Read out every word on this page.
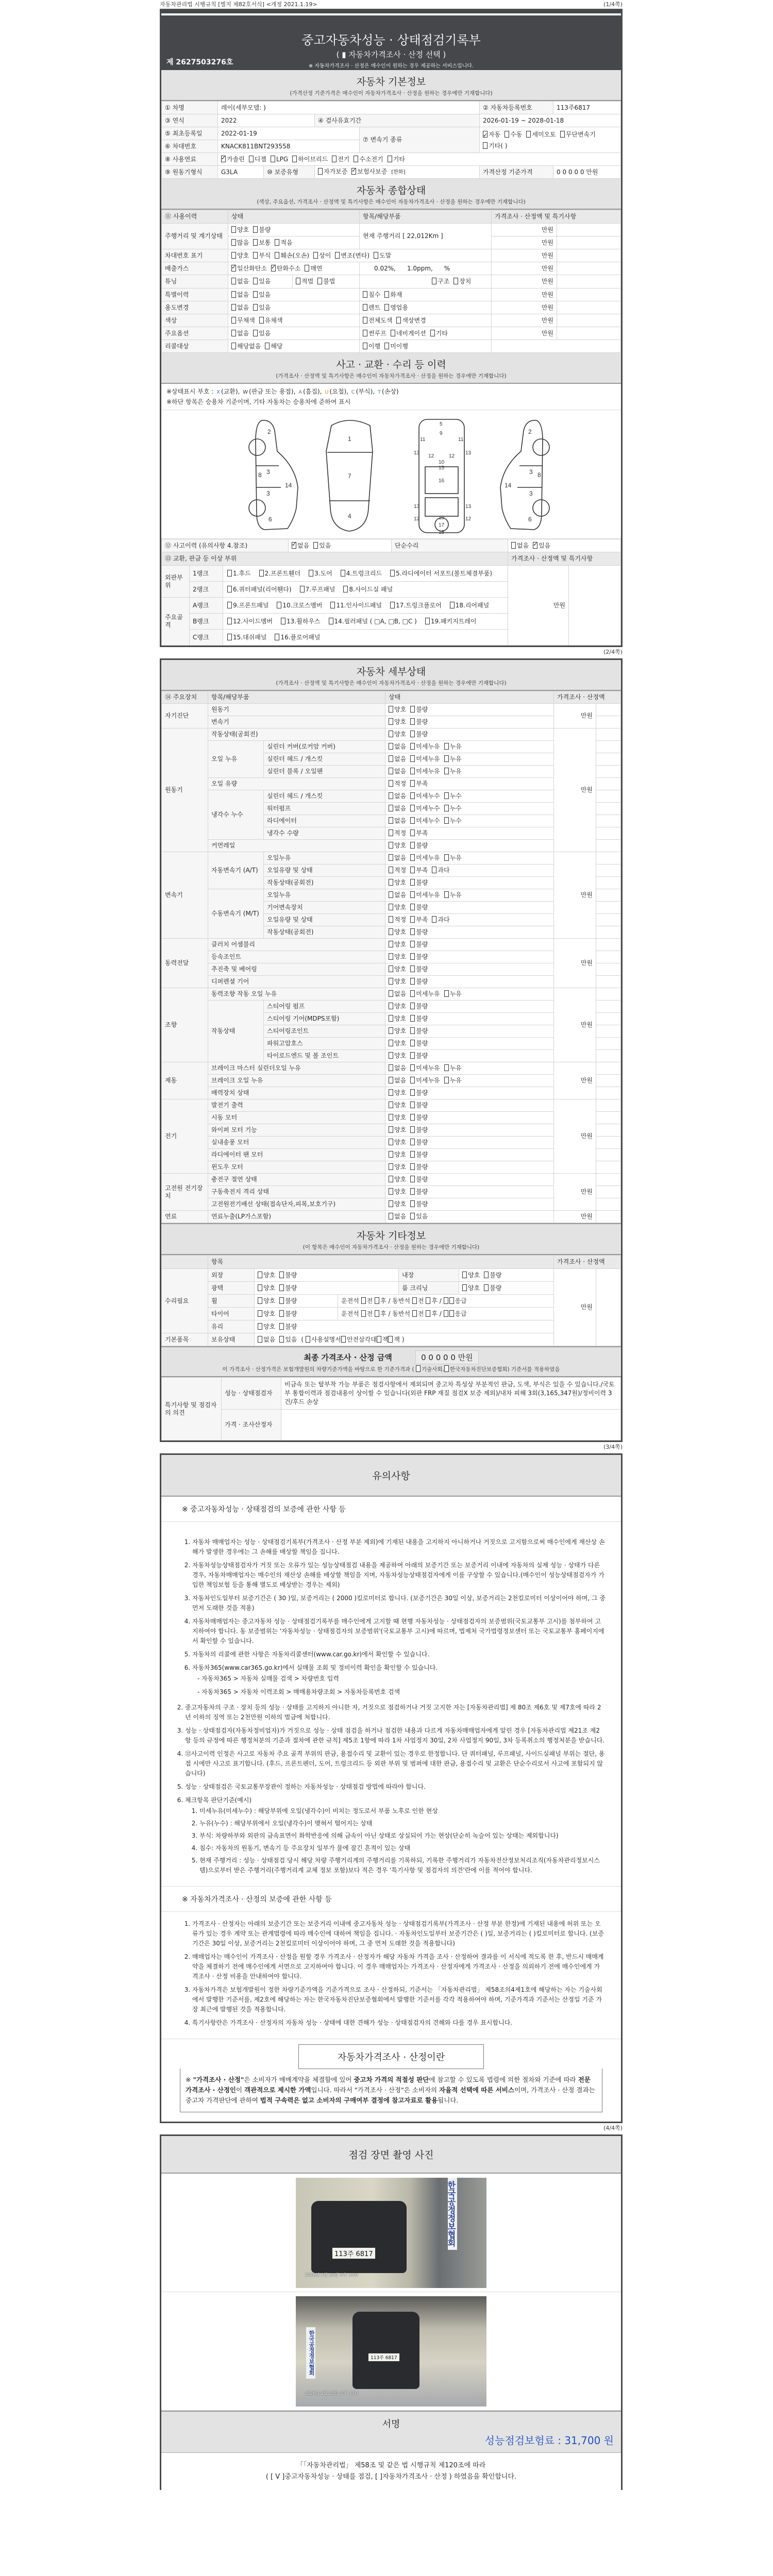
자동차관리법 시행규칙 [별지 제82호서식] <개정 2021.1.19>	(1/4쪽)
중고자동차성능 · 상태점검기록부
( ▮ 자동차가격조사 · 산정 선택 )
※ 자동차가격조사 · 산정은 매수인이 원하는 경우 제공하는 서비스입니다.
제 2627503276호
자동차 기본정보
(가격산정 기준가격은 매수인이 자동차가격조사 · 산정을 원하는 경우에만 기재합니다)
① 차명	레이(세부모델: )				② 자동차등록번호	113주6817
③ 연식	2022		④ 검사유효기간		2026-01-19 ~ 2028-01-18	
⑤ 최초등록일	2022-01-19			⑦ 변속기 종류	✓자동 수동 세미오토 무단변속기기타( )
⑥ 차대번호	KNACK811BNT293558					
⑧ 사용연료	✓가솔린 디젤 LPG 하이브리드 전기 수소전기 기타
⑨ 원동기형식	G3LA	⑩ 보증유형	자가보증 ✓ 보험사보증 [한화]		가격산정 기준가격	0 0 0 0 0 만원
자동차 종합상태
(색상, 주요옵션, 가격조사 · 산정액 및 특기사항은 매수인이 자동차가격조사 · 산정을 원하는 경우에만 기재합니다)
⑪ 사용이력	상태	항목/해당부품	가격조사 · 산정액 및 특기사항	
주행거리 및 계기상태	양호 불량	현재 주행거리 [ 22,012Km ]	만원	
	많음 보통 적음		만원	
차대번호 표기	양호 부식 훼손(오손) 상이 변조(변타) 도말		만원	
배출가스	✓일산화탄소 ✓ 탄화수소 매연	0.02%, 1.0ppm, %	만원	
튜닝	없음 있음 적법 불법	구조 장치	만원	
특별이력	없음 있음	침수 화재	만원	
용도변경	없음 있음	렌트 영업용	만원	
색상	무채색 유채색	전체도색 색상변경	만원	
주요옵션	없음 있음	썬루프 네비게이션 기타	만원	
리콜대상	해당없음 해당	이행 미이행		
사고 · 교환 · 수리 등 이력
(가격조사 · 산정액 및 특기사항은 매수인이 자동차가격조사 · 산정을 원하는 경우에만 기재합니다)
※상태표시 부호 : X (교환), W (판금 또는 용접), A (흠집), U (요철), C (부식), T (손상)
※하단 항목은 승용차 기준이며, 기타 자동차는 승용차에 준하여 표시
2
3
3
8
14
6
1
7
4
5
9
11	11
13	13
12	12
10
15
16
13	13
19
17
12	12
18
2
3
3
8
14
6
⑫ 사고이력 (유의사항 4.참조)	✓없음 있음	단순수리	없음 ✓ 있음
⑬ 교환, 판금 등 이상 부위					가격조사 · 산정액 및 특기사항	
외판부위	1랭크	1.후드 2.프론트휀더 3.도어 4.트렁크리드 5.라디에이터 서포트(볼트체결부품)			만원	
	2랭크	6.쿼터패널(리어휀다) 7.루프패널 8.사이드실 패널				
주요골격	A랭크	9.프론트패널 10.크로스멤버 11.인사이드패널 17.트렁크플로어 18.리어패널				
	B랭크	12.사이드멤버 13.휠하우스 14.필러패널 ( □A, □B, □C ) 19.패키지트레이				
	C랭크	15.대쉬패널 16.플로어패널				
(2/4쪽)
자동차 세부상태
(가격조사 · 산정액 및 특기사항은 매수인이 자동차가격조사 · 산정을 원하는 경우에만 기재합니다)
⑭ 주요장치	항목/해당부품		상태	가격조사 · 산정액	
자기진단	원동기		양호 불량	만원	
	변속기		양호 불량		
원동기	작동상태(공회전)		양호 불량	만원	
	오일 누유	실린더 커버(로커암 커버)	없음 미세누유 누유		
		실린더 헤드 / 개스킷	없음 미세누유 누유		
		실린더 블록 / 오일팬	없음 미세누유 누유		
	오일 유량		적정 부족		
	냉각수 누수	실린더 헤드 / 개스킷	없음 미세누수 누수		
		워터펌프	없음 미세누수 누수		
		라디에이터	없음 미세누수 누수		
		냉각수 수량	적정 부족		
	커먼레일		양호 불량		
변속기	자동변속기 (A/T)	오일누유	없음 미세누유 누유	만원	
		오일유량 및 상태	적정 부족 과다		
		작동상태(공회전)	양호 불량		
	수동변속기 (M/T)	오일누유	없음 미세누유 누유		
		기어변속장치	양호 불량		
		오일유량 및 상태	적정 부족 과다		
		작동상태(공회전)	양호 불량		
동력전달	클러치 어셈블리		양호 불량	만원	
	등속조인트		양호 불량		
	추진축 및 베어링		양호 불량		
	디퍼렌셜 기어		양호 불량		
조향	동력조향 작동 오일 누유		없음 미세누유 누유	만원	
	작동상태	스티어링 펌프	양호 불량		
		스티어링 기어(MDPS포함)	양호 불량		
		스티어링조인트	양호 불량		
		파워고압호스	양호 불량		
		타이로드엔드 및 볼 조인트	양호 불량		
제동	브레이크 마스터 실린더오일 누유		없음 미세누유 누유	만원	
	브레이크 오일 누유		없음 미세누유 누유		
	배력장치 상태		양호 불량		
전기	발전기 출력		양호 불량	만원	
	시동 모터		양호 불량		
	와이퍼 모터 기능		양호 불량		
	실내송풍 모터		양호 불량		
	라디에이터 팬 모터		양호 불량		
	윈도우 모터		양호 불량		
고전원 전기장치	충전구 절연 상태		양호 불량	만원	
	구동축전지 격리 상태		양호 불량		
	고전원전기배선 상태(접속단자,피복,보호기구)		양호 불량		
연료	연료누출(LP가스포함)		없음 있음	만원	
자동차 기타정보
(이 항목은 매수인이 자동차가격조사 · 산정을 원하는 경우에만 기재합니다)
	항목					가격조사 · 산정액	
수리필요	외장	양호 불량		내장	양호 불량	만원	
	광택	양호 불량		룸 크리닝	양호 불량		
	휠	양호 불량	운전석 전 후 / 동반석 전 후 / 응급				
	타이어	양호 불량	운전석 전 후 / 동반석 전 후 / 응급				
	유리	양호 불량					
기본품목	보유상태	없음 있음 ( 사용설명서 안전삼각대 잭 잭 )					
최종 가격조사 · 산정 금액	0 0 0 0 0 만원
이 가격조사 · 산정가격은 보험개발원의 차량기준가액을 바탕으로 한 기준가격과 ( 기술사회, 한국자동차진단보증협회) 기준서를 적용하였음
특기사항 및 점검자의 의견	성능 · 상태점검자	비금속 또는 탈부착 가능 부품은 점검사항에서 제외되며 중고차 특성상 부분적인 판금, 도색, 부식은 있을 수 있습니다./국토부 통합이력과 점검내용이 상이할 수 있습니다(외판 FRP 재질 점검X 보증 제외)/내차 피해 3회(3,165,347원)/정비이력 3건/후드 손상
	가격 · 조사산정자	
(3/4쪽)
유의사항
※ 중고자동차성능 · 상태점검의 보증에 관한 사항 등
1. 자동차 매매업자는 성능 · 상태점검기록부(가격조사 · 산정 부분 제외)에 기재된 내용을 고지하지 아니하거나 거짓으로 고지함으로써 매수인에게 재산상 손해가 발생한 경우에는 그 손해를 배상할 책임을 집니다.
2. 자동차성능상태점검자가 거짓 또는 오류가 있는 성능상태점검 내용을 제공하여 아래의 보증기간 또는 보증거리 이내에 자동차의 실제 성능 · 상태가 다른 경우, 자동차매매업자는 매수인의 재산상 손해를 배상할 책임을 지며, 자동차성능상태점검자에게 이를 구상할 수 있습니다.(매수인이 성능상태점검자가 가입한 책임보험 등을 통해 별도로 배상받는 경우는 제외)
3. 자동차인도일부터 보증기간은 ( 30 )일, 보증거리는 ( 2000 )킬로미터로 합니다. (보증기간은 30일 이상, 보증거리는 2천킬로미터 이상이어야 하며, 그 중 먼저 도래한 것을 적용)
4. 자동차매매업자는 중고자동차 성능 · 상태점검기록부를 매수인에게 고지할 때 현행 자동차성능 · 상태점검자의 보증범위(국토교통부 고시)를 첨부하여 고지하여야 합니다. 동 보증범위는 '자동차성능 · 상태점검자의 보증범위'(국토교통부 고시)에 따르며, 법제처 국가법령정보센터 또는 국토교통부 홈페이지에서 확인할 수 있습니다.
5. 자동차의 리콜에 관한 사항은 자동차리콜센터(www.car.go.kr)에서 확인할 수 있습니다.
6. 자동차365(www.car365.go.kr)에서 실매물 조회 및 정비이력 확인을 확인할 수 있습니다.
- 자동차365 > 자동차 실매물 검색 > 차량번호 입력
- 자동차365 > 자동차 이력조회 > 매매용차량조회 > 자동차등록번호 검색
2. 중고자동차의 구조 · 장치 등의 성능 · 상태를 고지하지 아니한 자, 거짓으로 점검하거나 거짓 고지한 자는 [자동차관리법] 제 80조 제6호 및 제7호에 따라 2년 이하의 징역 또는 2천만원 이하의 벌금에 처합니다.
3. 성능 · 상태점검자(자동차정비업자)가 거짓으로 성능 · 상태 점검을 하거나 점검한 내용과 다르게 자동차매매업자에게 알린 경우 [자동차관리법 제21조 제2항 등의 규정에 따른 행정처분의 기준과 절차에 관한 규칙] 제5조 1항에 따라 1차 사업정지 30일, 2차 사업정지 90일, 3차 등록취소의 행정처분을 받습니다.
4. ⑫사고이력 인정은 사고로 자동차 주요 골격 부위의 판금, 용접수리 및 교환이 있는 경우로 한정합니다. 단 쿼터패널, 루프패널, 사이드실패널 부위는 절단, 용접 시에만 사고로 표기합니다. (후드, 프론트펜더, 도어, 트렁크리드 등 외판 부위 및 범퍼에 대한 판금, 용접수리 및 교환은 단순수리로서 사고에 포함되지 않습니다)
5. 성능 · 상태점검은 국토교통부장관이 정하는 자동차성능 · 상태점검 방법에 따라야 합니다.
6. 체크항목 판단기준(예시)
1. 미세누유(미세누수) : 해당부위에 오일(냉각수)이 비치는 정도로서 부품 노후로 인한 현상
2. 누유(누수) : 해당부위에서 오일(냉각수)이 맺혀서 떨어지는 상태
3. 부식: 차량하부와 외판의 금속표면이 화학반응에 의해 금속이 아닌 상태로 상실되어 가는 현상(단순히 녹슬어 있는 상태는 제외합니다)
4. 침수: 자동차의 원동기, 변속기 등 주요장치 일부가 물에 잠긴 흔적이 있는 상태
5. 현재 주행거리 : 성능 · 상태점검 당시 해당 차량 주행거리계의 주행거리를 기록하되, 기록한 주행거리가 자동차전산정보처리조직(자동차관리정보시스템)으로부터 받은 주행거리(주행거리계 교체 정보 포함)보다 적은 경우 '특기사항 및 점검자의 의견'란에 이를 적어야 합니다.
※ 자동차가격조사 · 산정의 보증에 관한 사항 등
1. 가격조사 · 산정자는 아래의 보증기간 또는 보증거리 이내에 중고자동차 성능 · 상태점검기록부(가격조사 · 산정 부분 한정)에 기재된 내용에 허위 또는 오류가 있는 경우 계약 또는 관계법령에 따라 매수인에 대하여 책임을 집니다. · 자동차인도일부터 보증기간은 ( )일, 보증거리는 ( )킬로미터로 합니다. (보증기간은 30일 이상, 보증거리는 2천킬로미터 이상이어야 하며, 그 중 먼저 도래한 것을 적용합니다)
2. 매매업자는 매수인이 가격조사 · 산정을 원할 경우 가격조사 · 산정자가 해당 자동차 가격을 조사 · 산정하여 결과를 이 서식에 적도록 한 후, 반드시 매매계약을 체결하기 전에 매수인에게 서면으로 고지하여야 합니다. 이 경우 매매업자는 가격조사 · 산정자에게 가격조사 · 산정을 의뢰하기 전에 매수인에게 가격조사 · 산정 비용을 안내하여야 합니다.
3. 자동차가격은 보험개발원이 정한 차량기준가액을 기준가격으로 조사 · 산정하되, 기준서는 「자동차관리법」 제58조의4제1호에 해당하는 자는 기술사회에서 발행한 기준서를, 제2호에 해당하는 자는 한국자동차진단보증협회에서 발행한 기준서를 각각 적용하여야 하며, 기준가격과 기준서는 산정일 기준 가장 최근에 발행된 것을 적용합니다.
4. 특기사항란은 가격조사 · 산정자의 자동차 성능 · 상태에 대한 견해가 성능 · 상태점검자의 견해와 다를 경우 표시합니다.
자동차가격조사 · 산정이란
※ "가격조사 · 산정"은 소비자가 매매계약을 체결함에 있어 중고차 가격의 적절성 판단에 참고할 수 있도록 법령에 의한 절차와 기준에 따라 전문 가격조사 · 산정인이 객관적으로 제시한 가액입니다. 따라서 "가격조사 · 산정"은 소비자의 자율적 선택에 따른 서비스이며, 가격조사 · 산정 결과는 중고차 가격판단에 관하여 법적 구속력은 없고 소비자의 구매여부 결정에 참고자료로 활용됩니다.
(4/4쪽)
점검 장면 촬영 사진
113주 6817
한국공정정보협회
2026년 2월 20일 오후 3:00
113주 6817
한국공정정보협회
2026년 2월 20일 오후 3:00
서명
성능점검보험료 : 31,700 원
「「자동차관리법」 제58조 및 같은 법 시행규칙 제120조에 따라
( [ V ]중고자동차성능 · 상태를 점검, [ ]자동차가격조사 · 산정 ) 하였음을 확인합니다.
